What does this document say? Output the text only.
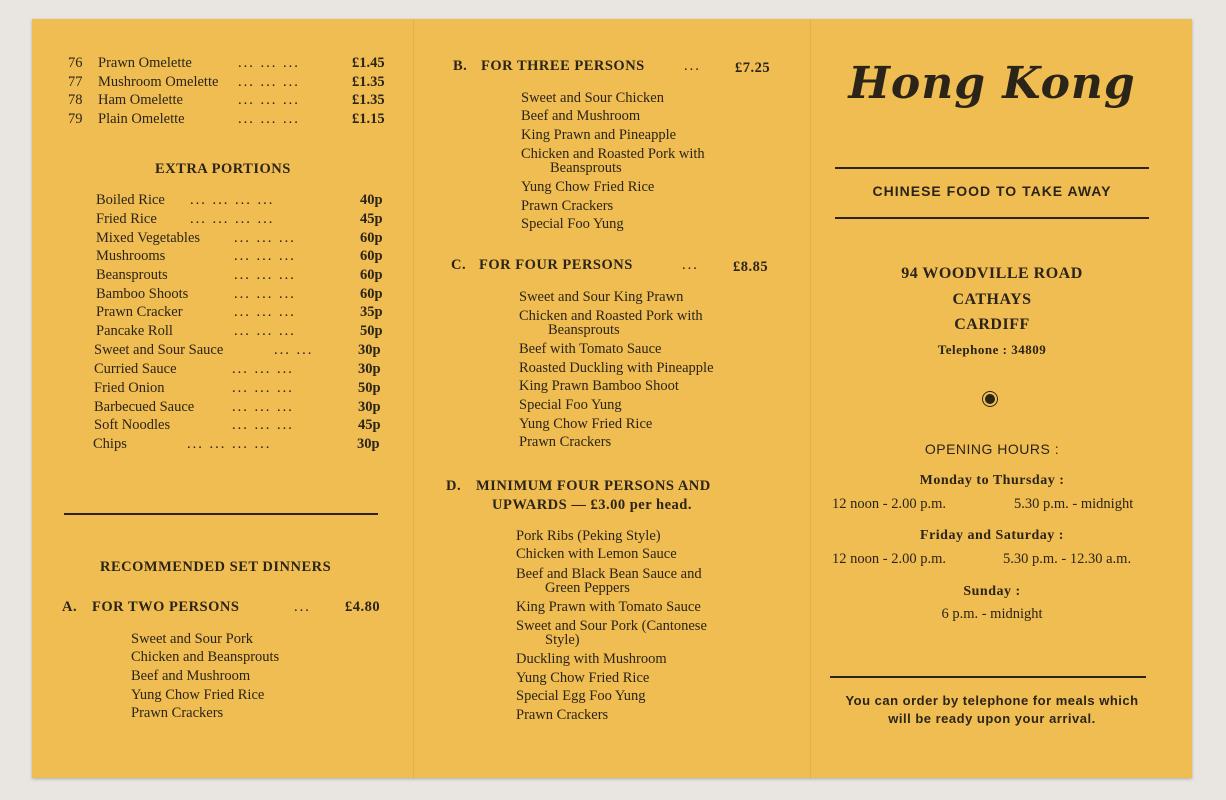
76 Prawn Omelette	... ... ...	£1.45
77 Mushroom Omelette ... ... ...	£1.35
78 Ham Omelette	... ... ...	£1.35
79 Plain Omelette	... ... ...	£1.15
EXTRA PORTIONS
Boiled Rice ... ... ... ...	40p
Fried Rice ... ... ... ...	45p
Mixed Vegetables ... ... ...	60p
Mushrooms	... ... ...	60p
Beansprouts	... ... ...	60p
Bamboo Shoots	... ... ...	60p
Prawn Cracker	... ... ...	35p
Pancake Roll	... ... ...	50p
Sweet and Sour Sauce	... ...	30p
Curried Sauce	... ... ...	30p
Fried Onion	... ... ...	50p
Barbecued Sauce	... ... ...	30p
Soft Noodles	... ... ...	45p
Chips	... ... ... ...	30p
RECOMMENDED SET DINNERS
A. FOR TWO PERSONS	... £4.80
Sweet and Sour Pork
Chicken and Beansprouts
Beef and Mushroom
Yung Chow Fried Rice
Prawn Crackers
B. FOR THREE PERSONS	... £7.25
Sweet and Sour Chicken
Beef and Mushroom
King Prawn and Pineapple
Chicken and Roasted Pork with
Beansprouts
Yung Chow Fried Rice
Prawn Crackers
Special Foo Yung
C. FOR FOUR PERSONS	... £8.85
Sweet and Sour King Prawn
Chicken and Roasted Pork with
Beansprouts
Beef with Tomato Sauce
Roasted Duckling with Pineapple
King Prawn Bamboo Shoot
Special Foo Yung
Yung Chow Fried Rice
Prawn Crackers
D. MINIMUM FOUR PERSONS AND
UPWARDS — £3.00 per head.
Pork Ribs (Peking Style)
Chicken with Lemon Sauce
Beef and Black Bean Sauce and
Green Peppers
King Prawn with Tomato Sauce
Sweet and Sour Pork (Cantonese
Style)
Duckling with Mushroom
Yung Chow Fried Rice
Special Egg Foo Yung
Prawn Crackers
Hong Kong
CHINESE FOOD TO TAKE AWAY
94 WOODVILLE ROAD
CATHAYS
CARDIFF
Telephone : 34809
OPENING HOURS :
Monday to Thursday :
12 noon - 2.00 p.m.	5.30 p.m. - midnight
Friday and Saturday :
12 noon - 2.00 p.m.	5.30 p.m. - 12.30 a.m.
Sunday :
6 p.m. - midnight
You can order by telephone for meals which
will be ready upon your arrival.
